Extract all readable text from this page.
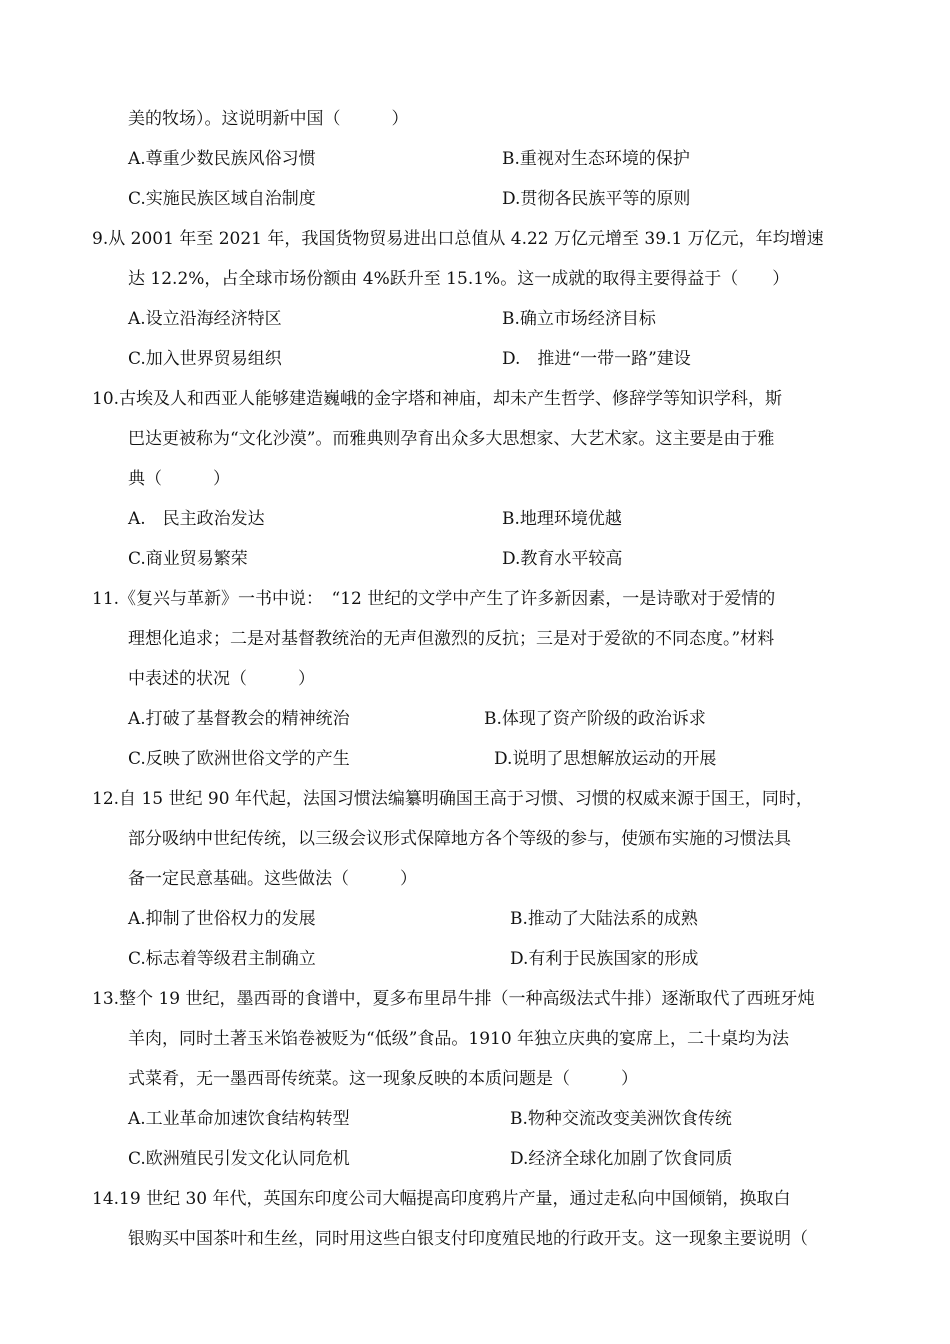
美的牧场）。这说明新中国（　　　）
A.尊重少数民族风俗习惯	B.重视对生态环境的保护
C.实施民族区域自治制度	D.贯彻各民族平等的原则
9.从 2001 年至 2021 年，我国货物贸易进出口总值从 4.22 万亿元增至 39.1 万亿元，年均增速
达 12.2%，占全球市场份额由 4%跃升至 15.1%。这一成就的取得主要得益于（　　）
A.设立沿海经济特区	B.确立市场经济目标
C.加入世界贸易组织	D.　推进“一带一路”建设
10.古埃及人和西亚人能够建造巍峨的金字塔和神庙，却未产生哲学、修辞学等知识学科，斯
巴达更被称为“文化沙漠”。而雅典则孕育出众多大思想家、大艺术家。这主要是由于雅
典（　　　）
A.　民主政治发达	B.地理环境优越
C.商业贸易繁荣	D.教育水平较高
11.《复兴与革新》一书中说：　“12 世纪的文学中产生了许多新因素，一是诗歌对于爱情的
理想化追求；二是对基督教统治的无声但激烈的反抗；三是对于爱欲的不同态度。”材料
中表述的状况（　　　）
A.打破了基督教会的精神统治	B.体现了资产阶级的政治诉求
C.反映了欧洲世俗文学的产生	D.说明了思想解放运动的开展
12.自 15 世纪 90 年代起，法国习惯法编纂明确国王高于习惯、习惯的权威来源于国王，同时，
部分吸纳中世纪传统，以三级会议形式保障地方各个等级的参与，使颁布实施的习惯法具
备一定民意基础。这些做法（　　　）
A.抑制了世俗权力的发展	B.推动了大陆法系的成熟
C.标志着等级君主制确立	D.有利于民族国家的形成
13.整个 19 世纪，墨西哥的食谱中，夏多布里昂牛排（一种高级法式牛排）逐渐取代了西班牙炖
羊肉，同时土著玉米馅卷被贬为“低级”食品。1910 年独立庆典的宴席上，二十桌均为法
式菜肴，无一墨西哥传统菜。这一现象反映的本质问题是（　　　）
A.工业革命加速饮食结构转型	B.物种交流改变美洲饮食传统
C.欧洲殖民引发文化认同危机	D.经济全球化加剧了饮食同质
14.19 世纪 30 年代，英国东印度公司大幅提高印度鸦片产量，通过走私向中国倾销，换取白
银购买中国茶叶和生丝，同时用这些白银支付印度殖民地的行政开支。这一现象主要说明（
